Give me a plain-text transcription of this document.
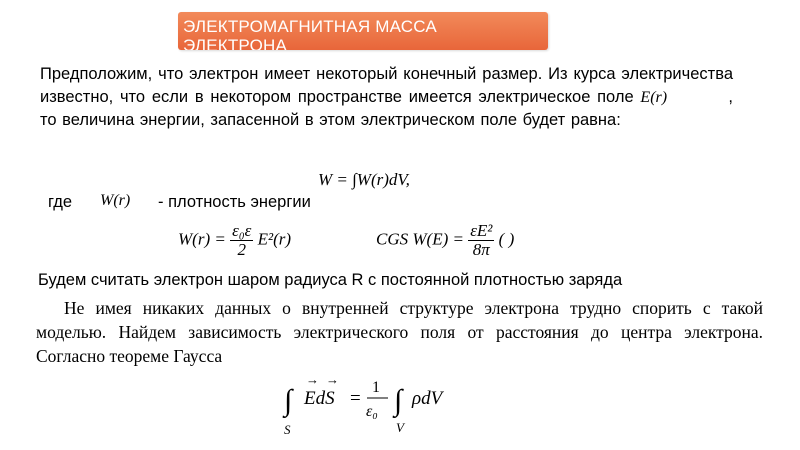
ЭЛЕКТРОМАГНИТНАЯ МАССА ЭЛЕКТРОНА

Предположим, что электрон имеет некоторый конечный размер. Из курса электричества известно, что если в некотором пространстве имеется электрическое поле E(r)	, то величина энергии, запасенной в этом электрическом поле будет равна:

W = ∫W(r)dV,
где W(r) - плотность энергии
$W(r) = \frac{\text{ε₀ε}}{2} E^2(r)$	CGS $W(E) = \frac{\text{εE²}}{8\pi}$ ( )
Будем считать электрон шаром радиуса R с постоянной плотностью заряда

Не имея никаких данных о внутренней структуре электрона трудно спорить с такой моделью. Найдем зависимость электрического поля от расстояния до центра электрона. Согласно теореме Гаусса

∫
S
EdS
→ →
=
1
ε₀ ∫
V
ρdV
